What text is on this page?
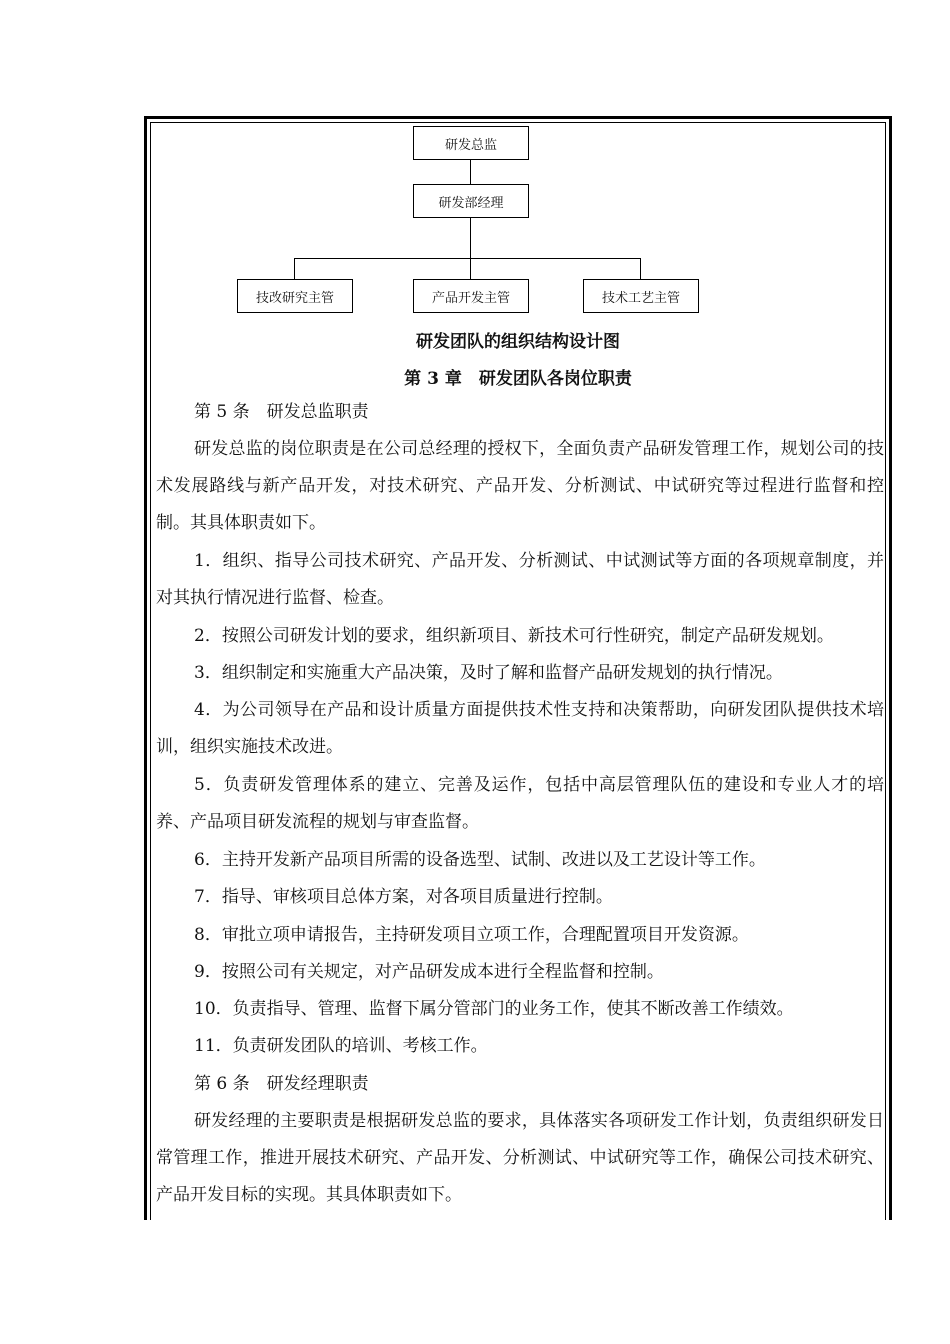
研发总监
研发部经理
技改研究主管	产品开发主管	技术工艺主管
研发团队的组织结构设计图
第 3 章　研发团队各岗位职责

第 5 条　研发总监职责

研发总监的岗位职责是在公司总经理的授权下，全面负责产品研发管理工作，规划公司的技术发展路线与新产品开发，对技术研究、产品开发、分析测试、中试研究等过程进行监督和控制。其具体职责如下。

1．组织、指导公司技术研究、产品开发、分析测试、中试测试等方面的各项规章制度，并对其执行情况进行监督、检查。

2．按照公司研发计划的要求，组织新项目、新技术可行性研究，制定产品研发规划。

3．组织制定和实施重大产品决策，及时了解和监督产品研发规划的执行情况。

4．为公司领导在产品和设计质量方面提供技术性支持和决策帮助，向研发团队提供技术培训，组织实施技术改进。

5．负责研发管理体系的建立、完善及运作，包括中高层管理队伍的建设和专业人才的培养、产品项目研发流程的规划与审查监督。

6．主持开发新产品项目所需的设备选型、试制、改进以及工艺设计等工作。

7．指导、审核项目总体方案，对各项目质量进行控制。

8．审批立项申请报告，主持研发项目立项工作，合理配置项目开发资源。

9．按照公司有关规定，对产品研发成本进行全程监督和控制。

10．负责指导、管理、监督下属分管部门的业务工作，使其不断改善工作绩效。

11．负责研发团队的培训、考核工作。

第 6 条　研发经理职责

研发经理的主要职责是根据研发总监的要求，具体落实各项研发工作计划，负责组织研发日常管理工作，推进开展技术研究、产品开发、分析测试、中试研究等工作，确保公司技术研究、产品开发目标的实现。其具体职责如下。
